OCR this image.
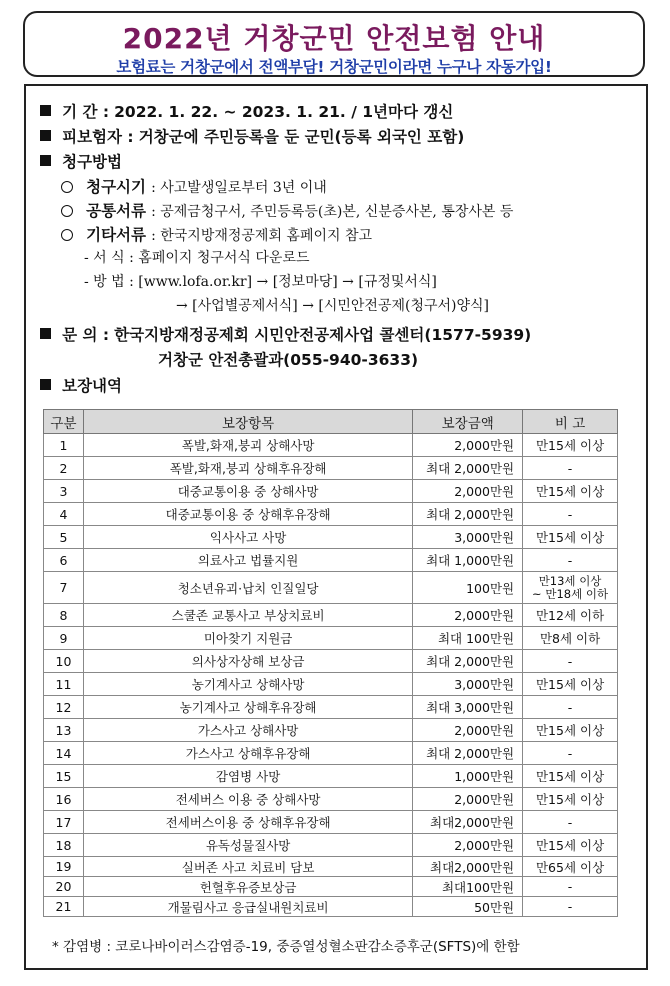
2022년 거창군민 안전보험 안내
보험료는 거창군에서 전액부담! 거창군민이라면 누구나 자동가입!
기 간 : 2022. 1. 22. ~ 2023. 1. 21. / 1년마다 갱신
피보험자 : 거창군에 주민등록을 둔 군민(등록 외국인 포함)
청구방법
청구시기 : 사고발생일로부터 3년 이내
공통서류 : 공제금청구서, 주민등록등(초)본, 신분증사본, 통장사본 등
기타서류 : 한국지방재정공제회 홈페이지 참고
- 서 식 : 홈페이지 청구서식 다운로드
- 방 법 : [www.lofa.or.kr] → [정보마당] → [규정및서식]
→ [사업별공제서식] → [시민안전공제(청구서)양식]
문 의 : 한국지방재정공제회 시민안전공제사업 콜센터(1577-5939)
거창군 안전총괄과(055-940-3633)
보장내역
구분	보장항목	보장금액	비 고
1	폭발,화재,붕괴 상해사망	2,000만원	만15세 이상
2	폭발,화재,붕괴 상해후유장해	최대 2,000만원	-
3	대중교통이용 중 상해사망	2,000만원	만15세 이상
4	대중교통이용 중 상해후유장해	최대 2,000만원	-
5	익사사고 사망	3,000만원	만15세 이상
6	의료사고 법률지원	최대 1,000만원	-
7	청소년유괴·납치 인질일당	100만원	만13세 이상
~ 만18세 이하

8	스쿨존 교통사고 부상치료비	2,000만원	만12세 이하
9	미아찾기 지원금	최대 100만원	만8세 이하
10	의사상자상해 보상금	최대 2,000만원	-
11	농기계사고 상해사망	3,000만원	만15세 이상
12	농기계사고 상해후유장해	최대 3,000만원	-
13	가스사고 상해사망	2,000만원	만15세 이상
14	가스사고 상해후유장해	최대 2,000만원	-
15	감염병 사망	1,000만원	만15세 이상
16	전세버스 이용 중 상해사망	2,000만원	만15세 이상
17	전세버스이용 중 상해후유장해	최대2,000만원	-
18	유독성물질사망	2,000만원	만15세 이상
19	실버존 사고 치료비 담보	최대2,000만원	만65세 이상
20	헌혈후유증보상금	최대100만원	-
21	개물림사고 응급실내원치료비	50만원	-
* 감염병 : 코로나바이러스감염증-19, 중증열성혈소판감소증후군(SFTS)에 한함
